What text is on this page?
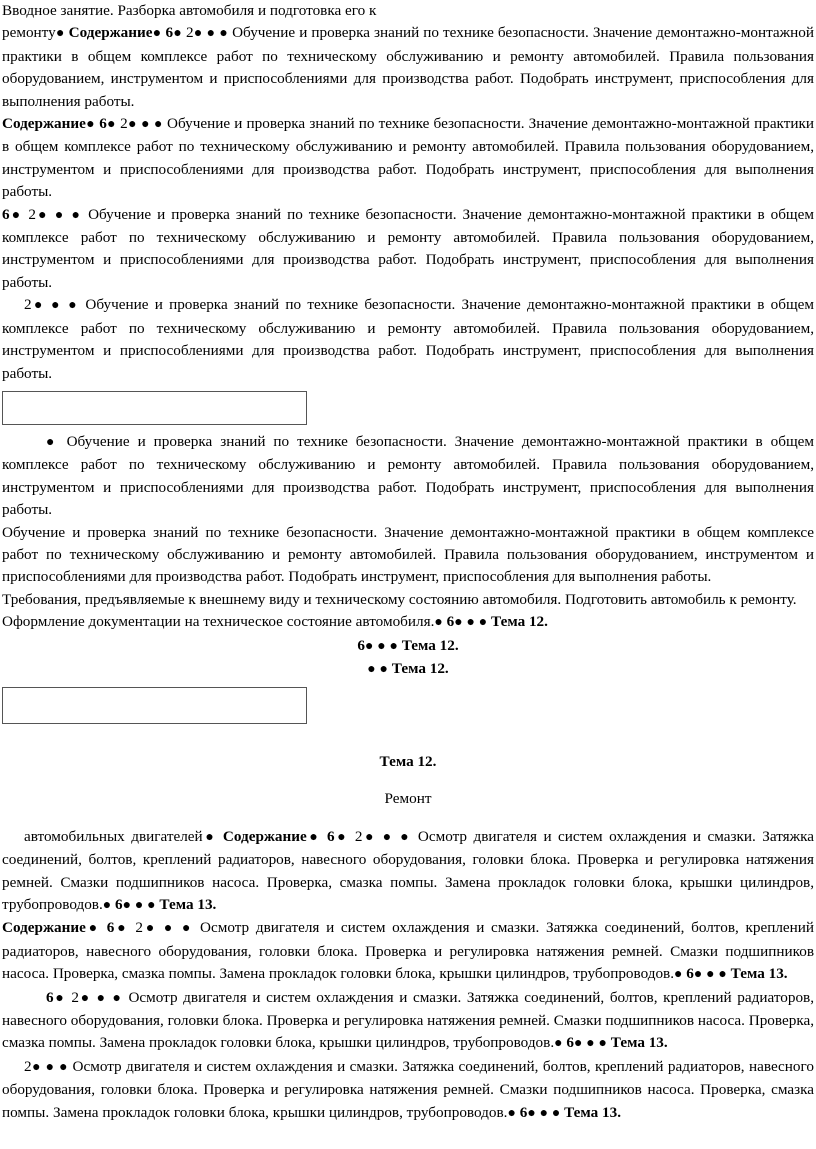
Вводное занятие. Разборка автомобиля и подготовка его к
ремонту● Содержание● 6● 2● ● ● Обучение и проверка знаний по технике безопасности. Значение демонтажно-монтажной практики в общем комплексе работ по техническому обслуживанию и ремонту автомобилей. Правила пользования оборудованием, инструментом и приспособлениями для производства работ. Подобрать инструмент, приспособления для выполнения работы.

Содержание● 6● 2● ● ● Обучение и проверка знаний по технике безопасности. Значение демонтажно-монтажной практики в общем комплексе работ по техническому обслуживанию и ремонту автомобилей. Правила пользования оборудованием, инструментом и приспособлениями для производства работ. Подобрать инструмент, приспособления для выполнения работы.

6● 2● ● ● Обучение и проверка знаний по технике безопасности. Значение демонтажно-монтажной практики в общем комплексе работ по техническому обслуживанию и ремонту автомобилей. Правила пользования оборудованием, инструментом и приспособлениями для производства работ. Подобрать инструмент, приспособления для выполнения работы.

2● ● ● Обучение и проверка знаний по технике безопасности. Значение демонтажно-монтажной практики в общем комплексе работ по техническому обслуживанию и ремонту автомобилей. Правила пользования оборудованием, инструментом и приспособлениями для производства работ. Подобрать инструмент, приспособления для выполнения работы.

● Обучение и проверка знаний по технике безопасности. Значение демонтажно-монтажной практики в общем комплексе работ по техническому обслуживанию и ремонту автомобилей. Правила пользования оборудованием, инструментом и приспособлениями для производства работ. Подобрать инструмент, приспособления для выполнения работы.

Обучение и проверка знаний по технике безопасности. Значение демонтажно-монтажной практики в общем комплексе работ по техническому обслуживанию и ремонту автомобилей. Правила пользования оборудованием, инструментом и приспособлениями для производства работ. Подобрать инструмент, приспособления для выполнения работы.

Требования, предъявляемые к внешнему виду и техническому состоянию автомобиля. Подготовить автомобиль к ремонту.

Оформление документации на техническое состояние автомобиля.● 6● ● ● Тема 12.

6● ● ● Тема 12.

● ● Тема 12.

Тема 12.

Ремонт

автомобильных двигателей● Содержание● 6● 2● ● ● Осмотр двигателя и систем охлаждения и смазки. Затяжка соединений, болтов, креплений радиаторов, навесного оборудования, головки блока. Проверка и регулировка натяжения ремней. Смазки подшипников насоса. Проверка, смазка помпы. Замена прокладок головки блока, крышки цилиндров, трубопроводов.● 6● ● ● Тема 13.

Содержание● 6● 2● ● ● Осмотр двигателя и систем охлаждения и смазки. Затяжка соединений, болтов, креплений радиаторов, навесного оборудования, головки блока. Проверка и регулировка натяжения ремней. Смазки подшипников насоса. Проверка, смазка помпы. Замена прокладок головки блока, крышки цилиндров, трубопроводов.● 6● ● ● Тема 13.

6● 2● ● ● Осмотр двигателя и систем охлаждения и смазки. Затяжка соединений, болтов, креплений радиаторов, навесного оборудования, головки блока. Проверка и регулировка натяжения ремней. Смазки подшипников насоса. Проверка, смазка помпы. Замена прокладок головки блока, крышки цилиндров, трубопроводов.● 6● ● ● Тема 13.

2● ● ● Осмотр двигателя и систем охлаждения и смазки. Затяжка соединений, болтов, креплений радиаторов, навесного оборудования, головки блока. Проверка и регулировка натяжения ремней. Смазки подшипников насоса. Проверка, смазка помпы. Замена прокладок головки блока, крышки цилиндров, трубопроводов.● 6● ● ● Тема 13.
